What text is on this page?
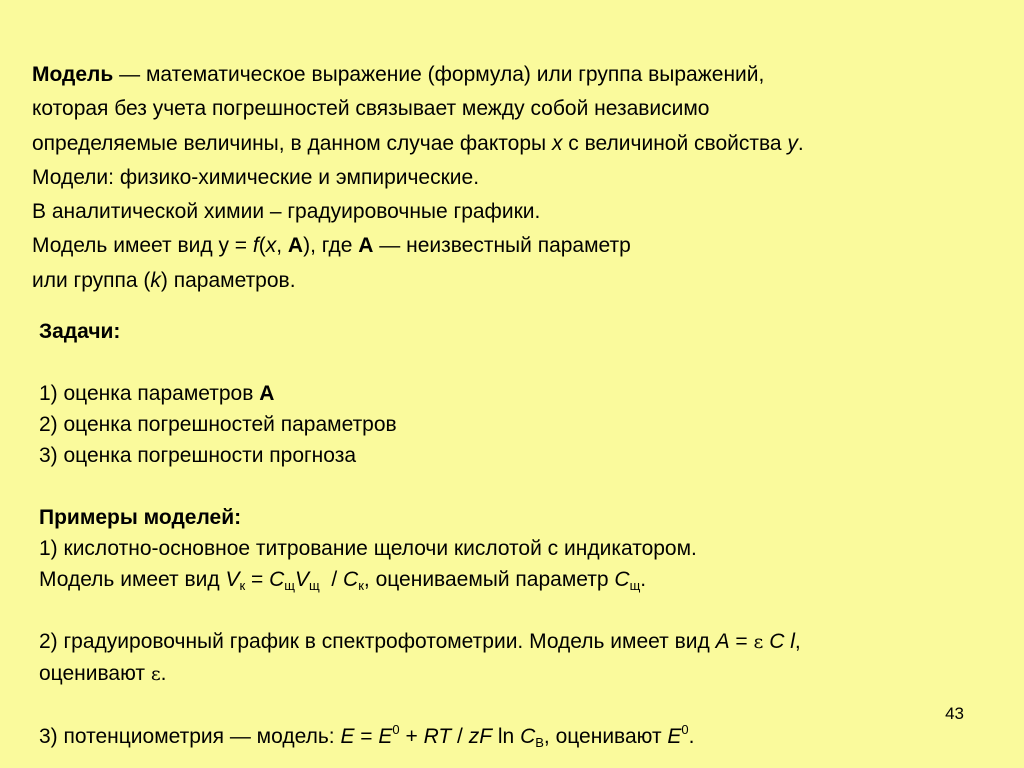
Модель — математическое выражение (формула) или группа выражений,
которая без учета погрешностей связывает между собой независимо
определяемые величины, в данном случае факторы x с величиной свойства y.
Модели: физико-химические и эмпирические.
В аналитической химии – градуировочные графики.
Модель имеет вид y = f(x, A), где A — неизвестный параметр
или группа (k) параметров.
Задачи:
1) оценка параметров A
2) оценка погрешностей параметров
3) оценка погрешности прогноза
Примеры моделей:
1) кислотно-основное титрование щелочи кислотой с индикатором.
Модель имеет вид $V_к = C_щV_щ / C_к$, оцениваемый параметр $C_щ$.
2) градуировочный график в спектрофотометрии. Модель имеет вид A = ε C l,
оценивают ε.
3) потенциометрия — модель: $E = E^0$ + RT / zF $\ln C_B$, оценивают $E^0$.
43
